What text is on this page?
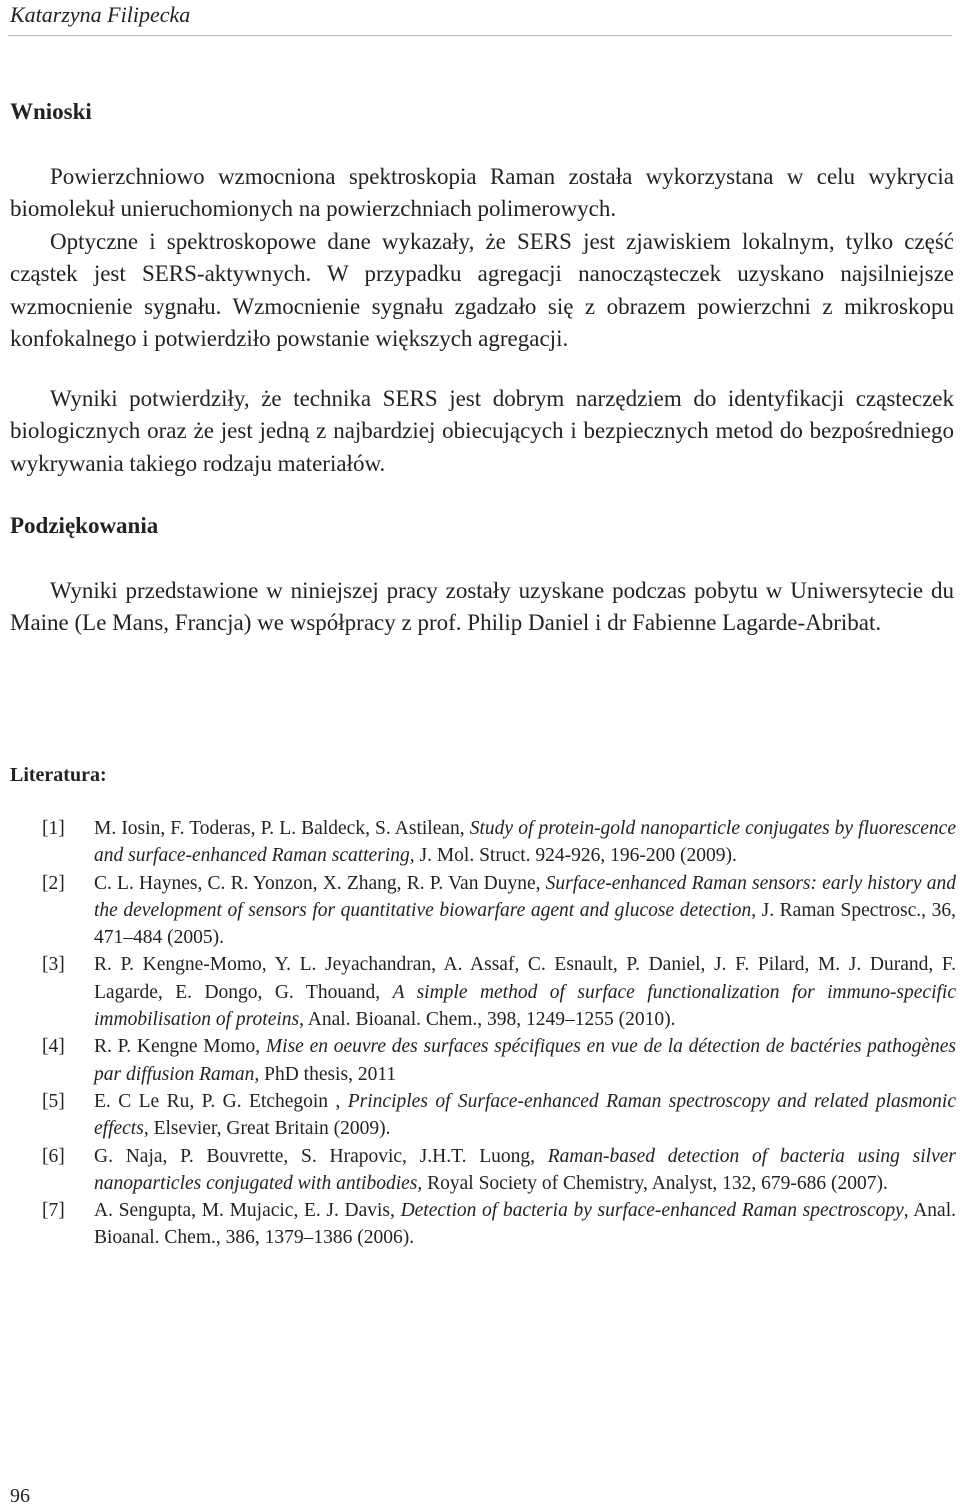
Katarzyna Filipecka
Wnioski

Powierzchniowo wzmocniona spektroskopia Raman została wykorzystana w celu wykrycia biomolekuł unieruchomionych na powierzchniach polimerowych.

Optyczne i spektroskopowe dane wykazały, że SERS jest zjawiskiem lokalnym, tylko część cząstek jest SERS-aktywnych. W przypadku agregacji nanocząsteczek uzyskano najsilniejsze wzmocnienie sygnału. Wzmocnienie sygnału zgadzało się z obrazem powierzchni z mikroskopu konfokalnego i potwierdziło powstanie większych agregacji.

Wyniki potwierdziły, że technika SERS jest dobrym narzędziem do identyfikacji cząsteczek biologicznych oraz że jest jedną z najbardziej obiecujących i bezpiecznych metod do bezpośredniego wykrywania takiego rodzaju materiałów.

Podziękowania

Wyniki przedstawione w niniejszej pracy zostały uzyskane podczas pobytu w Uniwersytecie du Maine (Le Mans, Francja) we współpracy z prof. Philip Daniel i dr Fabienne Lagarde-Abribat.

Literatura:
[1] M. Iosin, F. Toderas, P. L. Baldeck, S. Astilean, Study of protein-gold nanoparticle conjugates by fluorescence and surface-enhanced Raman scattering, J. Mol. Struct. 924-926, 196-200 (2009).
[2] C. L. Haynes, C. R. Yonzon, X. Zhang, R. P. Van Duyne, Surface-enhanced Raman sensors: early history and the development of sensors for quantitative biowarfare agent and glucose detection, J. Raman Spectrosc., 36, 471–484 (2005).
[3] R. P. Kengne-Momo, Y. L. Jeyachandran, A. Assaf, C. Esnault, P. Daniel, J. F. Pilard, M. J. Durand, F. Lagarde, E. Dongo, G. Thouand, A simple method of surface functionalization for immuno-specific immobilisation of proteins, Anal. Bioanal. Chem., 398, 1249–1255 (2010).
[4] R. P. Kengne Momo, Mise en oeuvre des surfaces spécifiques en vue de la détection de bactéries pathogènes par diffusion Raman, PhD thesis, 2011
[5] E. C Le Ru, P. G. Etchegoin , Principles of Surface-enhanced Raman spectroscopy and related plasmonic effects, Elsevier, Great Britain (2009).
[6] G. Naja, P. Bouvrette, S. Hrapovic, J.H.T. Luong, Raman-based detection of bacteria using silver nanoparticles conjugated with antibodies, Royal Society of Chemistry, Analyst, 132, 679-686 (2007).
[7] A. Sengupta, M. Mujacic, E. J. Davis, Detection of bacteria by surface-enhanced Raman spectroscopy, Anal. Bioanal. Chem., 386, 1379–1386 (2006).
96
